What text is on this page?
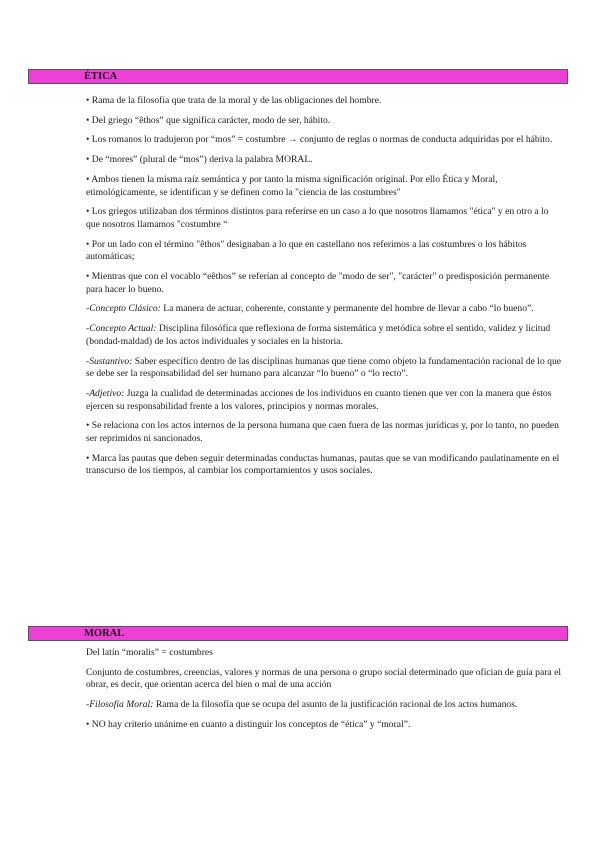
ÉTICA

• Rama de la filosofía que trata de la moral y de las obligaciones del hombre.

• Del griego “êthos” que significa carácter, modo de ser, hábito.

• Los romanos lo tradujeron por “mos” = costumbre → conjunto de reglas o normas de conducta adquiridas por el hábito.

• De “mores” (plural de “mos”) deriva la palabra MORAL.

• Ambos tienen la misma raíz semántica y por tanto la misma significación original. Por ello Ética y Moral, etimológicamente, se identifican y se definen como la "ciencia de las costumbres"

• Los griegos utilizaban dos términos distintos para referirse en un caso a lo que nosotros llamamos "ética" y en otro a lo que nosotros llamamos "costumbre “

• Por un lado con el término "êthos" designaban a lo que en castellano nos referimos a las costumbres o los hábitos automáticas;

• Mientras que con el vocablo “eêthos” se referían al concepto de "modo de ser", "carácter" o predisposición permanente para hacer lo bueno.

-Concepto Clásico: La manera de actuar, coherente, constante y permanente del hombre de llevar a cabo “lo bueno”.

-Concepto Actual: Disciplina filosófica que reflexiona de forma sistemática y metódica sobre el sentido, validez y licitud (bondad-maldad) de los actos individuales y sociales en la historia.

-Sustantivo: Saber específico dentro de las disciplinas humanas que tiene como objeto la fundamentación racional de lo que se debe ser la responsabilidad del ser humano para alcanzar “lo bueno” o “lo recto”.

-Adjetivo: Juzga la cualidad de determinadas acciones de los individuos en cuanto tienen que ver con la manera que éstos ejercen su responsabilidad frente a los valores, principios y normas morales.

• Se relaciona con los actos internos de la persona humana que caen fuera de las normas jurídicas y, por lo tanto, no pueden ser reprimidos ni sancionados.

• Marca las pautas que deben seguir determinadas conductas humanas, pautas que se van modificando paulatinamente en el transcurso de los tiempos, al cambiar los comportamientos y usos sociales.

MORAL

Del latín “moralis” = costumbres

Conjunto de costumbres, creencias, valores y normas de una persona o grupo social determinado que ofician de guía para el obrar, es decir, que orientan acerca del bien o mal de una acción

-Filosofía Moral: Rama de la filosofía que se ocupa del asunto de la justificación racional de los actos humanos.

• NO hay criterio unánime en cuanto a distinguir los conceptos de “ética” y “moral”.
